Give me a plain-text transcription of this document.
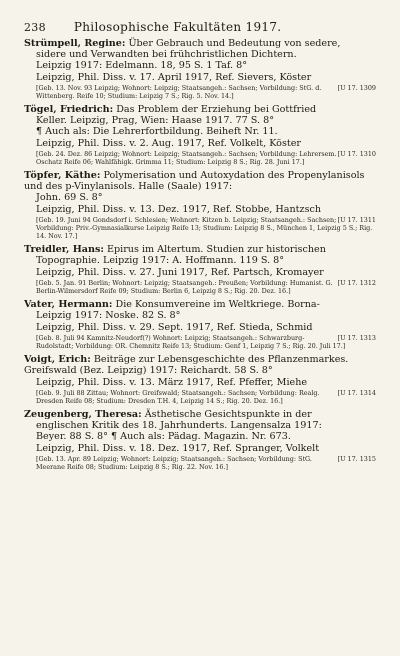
238 Philosophische Fakultäten 1917.

Strümpell, Regine: Über Gebrauch und Bedeutung von sedere,
sidere und Verwandten bei frühchristlichen Dichtern.
Leipzig 1917: Edelmann. 18, 95 S. 1 Taf. 8°

Leipzig, Phil. Diss. v. 17. April 1917, Ref. Sievers, Köster
[U 17. 1309
[Geb. 13. Nov. 93 Leipzig; Wohnort: Leipzig; Staatsangeh.: Sachsen; Vorbildung: StG. d. Wittenberg. Reife 10; Studium: Leipzig 7 S.; Rig. 5. Nov. 14.]

Tögel, Friedrich: Das Problem der Erziehung bei Gottfried
Keller. Leipzig, Prag, Wien: Haase 1917. 77 S. 8°
¶ Auch als: Die Lehrerfortbildung. Beiheft Nr. 11.

Leipzig, Phil. Diss. v. 2. Aug. 1917, Ref. Volkelt, Köster
[U 17. 1310
[Geb. 24. Dez. 86 Leipzig; Wohnort: Leipzig; Staatsangeh.: Sachsen; Vorbildung: Lehrersem. Oschatz Reife 06; Wahlfähigk. Grimma 11; Studium: Leipzig 8 S.; Rig. 28. Juni 17.]

Töpfer, Käthe: Polymerisation und Autoxydation des Propenylanisols und des p-Vinylanisols. Halle (Saale) 1917:
John. 69 S. 8°

Leipzig, Phil. Diss. v. 13. Dez. 1917, Ref. Stobbe, Hantzsch
[U 17. 1311
[Geb. 19. Juni 94 Gondsdorf i. Schlesien; Wohnort: Kitzen b. Leipzig; Staatsangeh.: Sachsen; Vorbildung: Priv.-Gymnasialkurse Leipzig Reife 13; Studium: Leipzig 8 S., München 1, Leipzig 5 S.; Rig. 14. Nov. 17.]

Treidler, Hans: Epirus im Altertum. Studien zur historischen
Topographie. Leipzig 1917: A. Hoffmann. 119 S. 8°

Leipzig, Phil. Diss. v. 27. Juni 1917, Ref. Partsch, Kromayer
[U 17. 1312
[Geb. 5. Jan. 91 Berlin; Wohnort: Leipzig; Staatsangeh.: Preußen; Vorbildung: Humanist. G. Berlin-Wilmersdorf Reife 09; Studium: Berlin 6, Leipzig 8 S.; Rig. 20. Dez. 16.]

Vater, Hermann: Die Konsumvereine im Weltkriege. Borna-
Leipzig 1917: Noske. 82 S. 8°

Leipzig, Phil. Diss. v. 29. Sept. 1917, Ref. Stieda, Schmid
[U 17. 1313
[Geb. 8. Juli 94 Kamnitz-Neudorf(?) Wohnort: Leipzig; Staatsangeh.: Schwarzburg-Rudolstadt; Vorbildung: OR. Chemnitz Reife 13; Studium: Genf 1, Leipzig 7 S.; Rig. 20. Juli 17.]

Voigt, Erich: Beiträge zur Lebensgeschichte des Pflanzenmarkes. Greifswald (Bez. Leipzig) 1917: Reichardt. 58 S. 8°

Leipzig, Phil. Diss. v. 13. März 1917, Ref. Pfeffer, Miehe
[U 17. 1314
[Geb. 9. Juli 88 Zittau; Wohnort: Greifswald; Staatsangeh.: Sachsen; Vorbildung: Realg. Dresden Reife 08; Studium: Dresden T.H. 4, Leipzig 14 S.; Rig. 20. Dez. 16.]

Zeugenberg, Theresa: Ästhetische Gesichtspunkte in der
englischen Kritik des 18. Jahrhunderts. Langensalza 1917:
Beyer. 88 S. 8° ¶ Auch als: Pädag. Magazin. Nr. 673.

Leipzig, Phil. Diss. v. 18. Dez. 1917, Ref. Spranger, Volkelt
[U 17. 1315
[Geb. 13. Apr. 89 Leipzig; Wohnort: Leipzig; Staatsangeh.: Sachsen; Vorbildung: StG. Meerane Reife 08; Studium: Leipzig 8 S.; Rig. 22. Nov. 16.]
